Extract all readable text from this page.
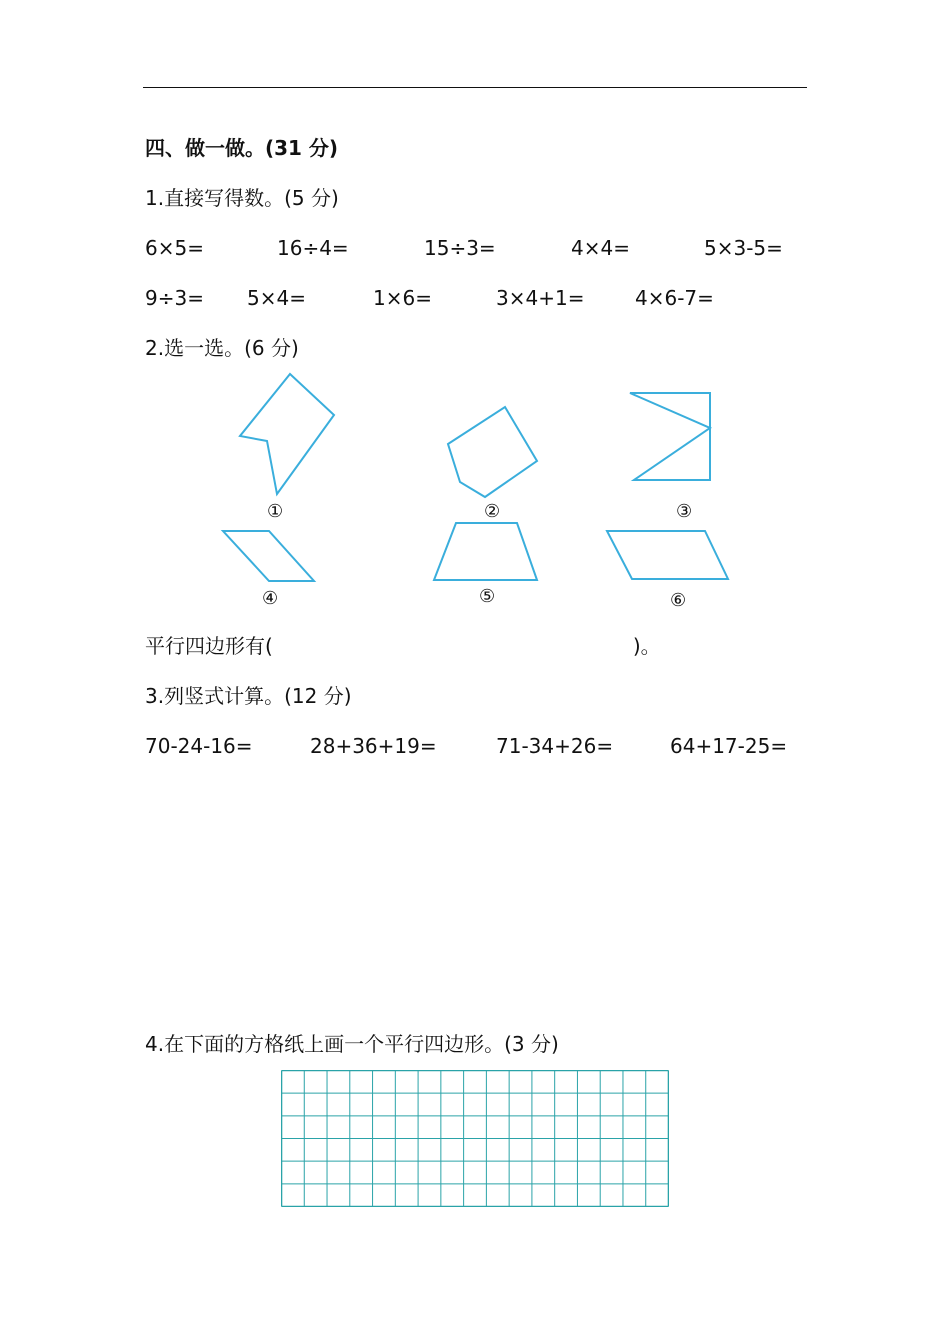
四、做一做。(31 分)
1.直接写得数。(5 分)
6×5=	16÷4=	15÷3=	4×4=	5×3-5=
9÷3= 5×4=	1×6=	3×4+1=	4×6-7=
2.选一选。(6 分)
①	②	③
④	⑤	⑥
平行四边形有(	)。
3.列竖式计算。(12 分)
70-24-16=	28+36+19=	71-34+26=	64+17-25=
4.在下面的方格纸上画一个平行四边形。(3 分)
